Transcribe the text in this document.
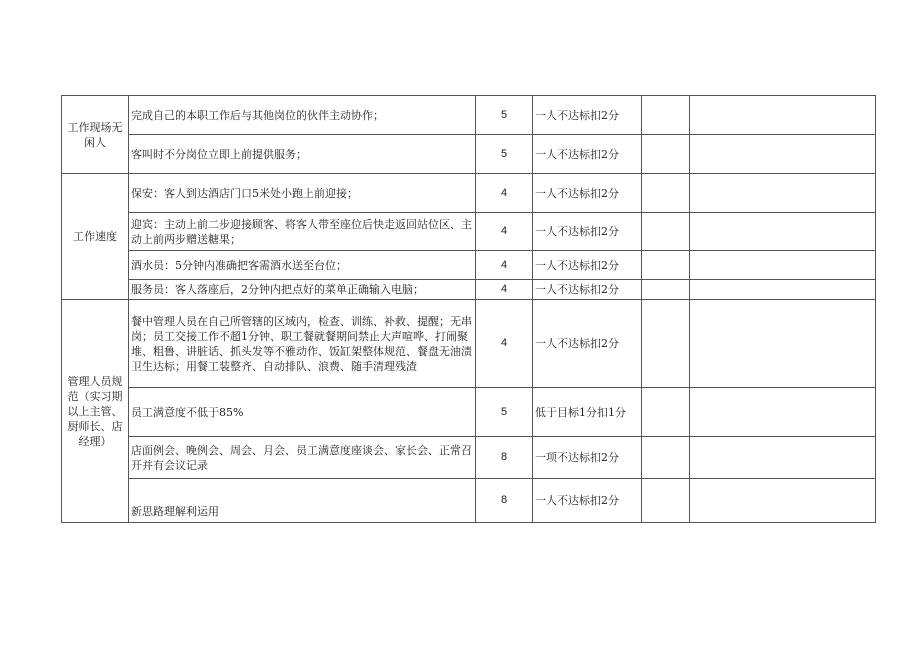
工作现场无闲人	完成自己的本职工作后与其他岗位的伙伴主动协作；	5	一人不达标扣2分		
	客叫时不分岗位立即上前提供服务；	5	一人不达标扣2分		
工作速度	保安：客人到达酒店门口5米处小跑上前迎接；	4	一人不达标扣2分		
	迎宾：主动上前二步迎接顾客、将客人带至座位后快走返回站位区、主动上前两步赠送糖果；	4	一人不达标扣2分		
	酒水员：5分钟内准确把客需酒水送至台位；	4	一人不达标扣2分		
	服务员：客人落座后，2分钟内把点好的菜单正确输入电脑；	4	一人不达标扣2分		
管理人员规范（实习期以上主管、厨师长、店经理）	餐中管理人员在自己所管辖的区域内，检查、训练、补救、提醒；无串岗；员工交接工作不超1分钟、职工餐就餐期间禁止大声喧哗、打闹聚堆、粗鲁、讲脏话、抓头发等不雅动作、饭缸架整体规范、餐盘无油渍卫生达标；用餐工装整齐、自动排队、浪费、随手清理残渣	4	一人不达标扣2分		
	员工满意度不低于85%	5	低于目标1分扣1分		
	店面例会、晚例会、周会、月会、员工满意度座谈会、家长会、正常召开并有会议记录	8	一项不达标扣2分		
	新思路理解利运用	8	一人不达标扣2分		
